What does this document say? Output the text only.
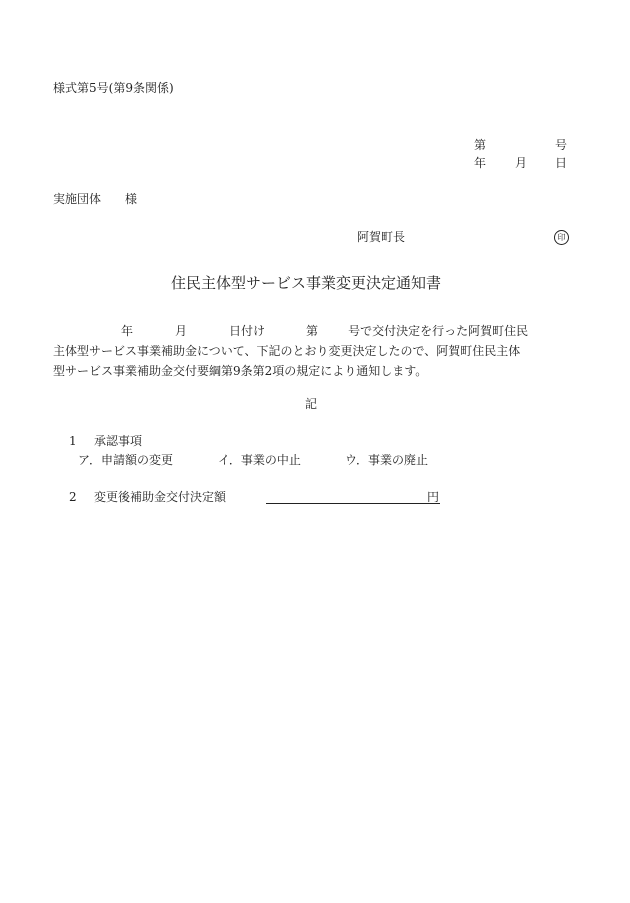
様式第5号(第9条関係)
第	号
年 月 日
実施団体　　様
阿賀町長	印
住民主体型サービス事業変更決定通知書
年	月	日付け	第	号で交付決定を行った阿賀町住民
主体型サービス事業補助金について、下記のとおり変更決定したので、阿賀町住民主体
型サービス事業補助金交付要綱第9条第2項の規定により通知します。
記
1 承認事項
ア．申請額の変更	イ．事業の中止	ウ．事業の廃止
2 変更後補助金交付決定額	円
